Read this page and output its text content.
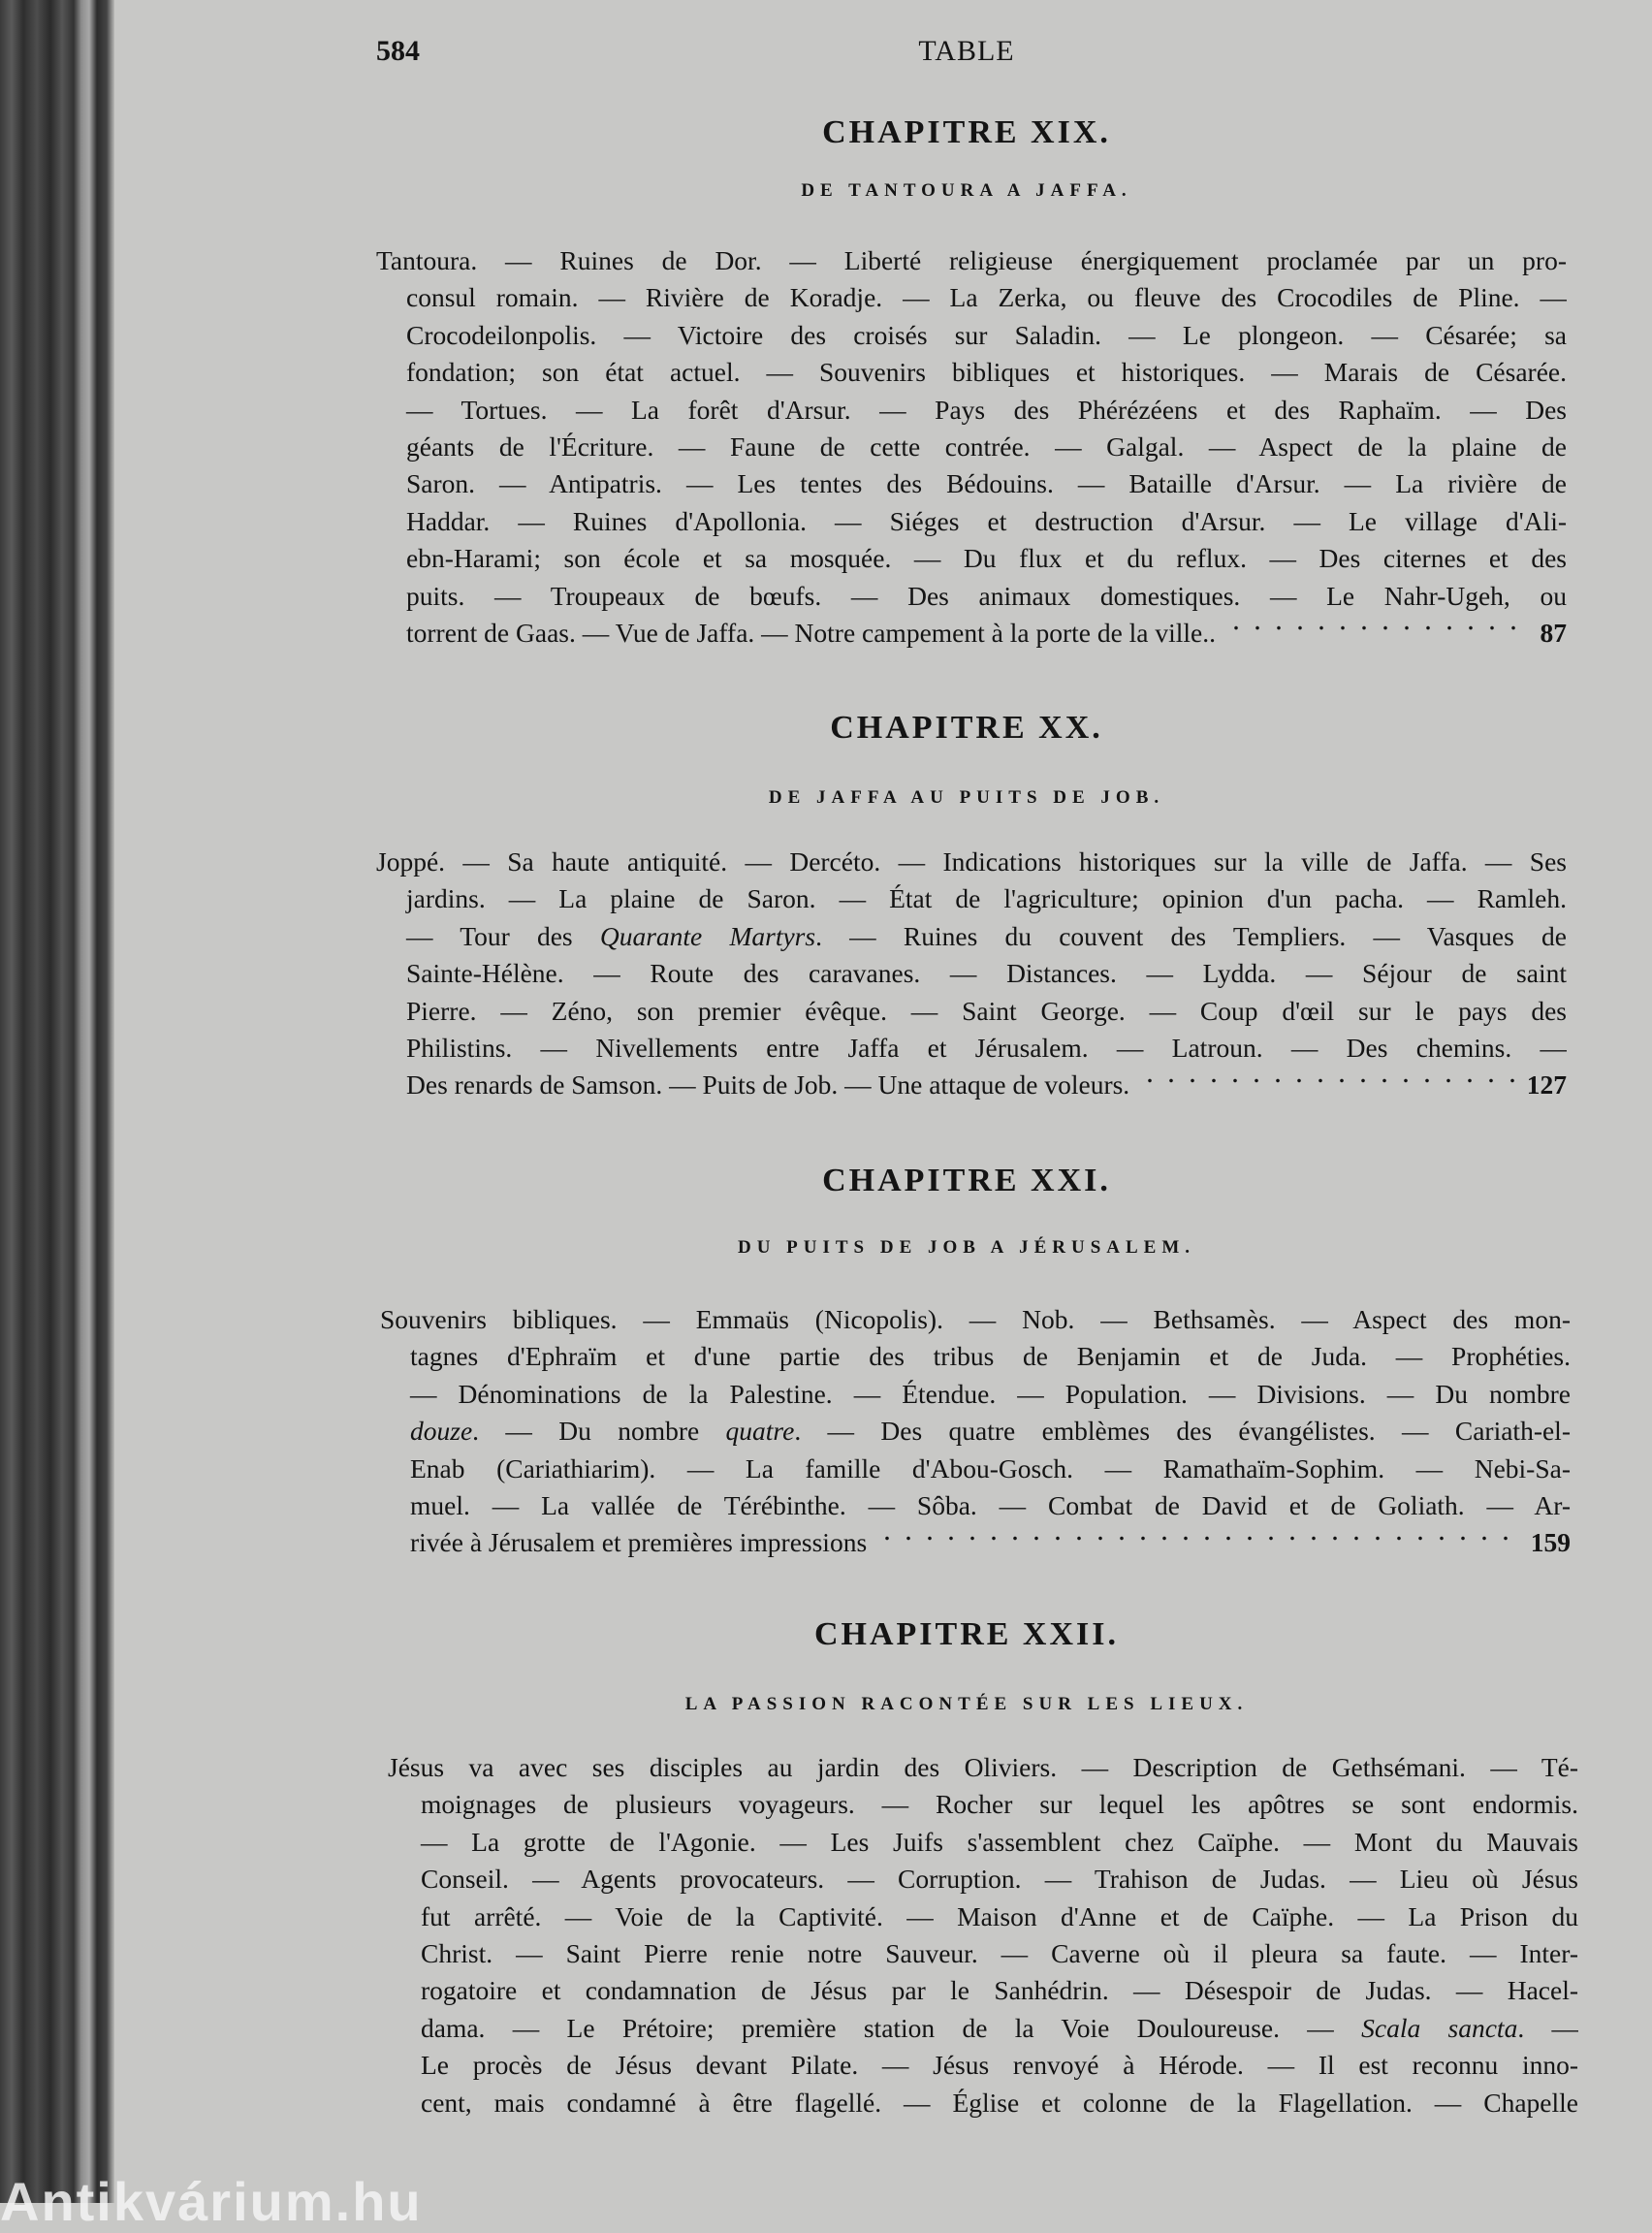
584	TABLE
CHAPITRE XIX.
DE TANTOURA A JAFFA.
Tantoura. — Ruines de Dor. — Liberté religieuse énergiquement proclamée par un pro-
consul romain. — Rivière de Koradje. — La Zerka, ou fleuve des Crocodiles de Pline. —
Crocodeilonpolis. — Victoire des croisés sur Saladin. — Le plongeon. — Césarée; sa
fondation; son état actuel. — Souvenirs bibliques et historiques. — Marais de Césarée.
— Tortues. — La forêt d'Arsur. — Pays des Phérézéens et des Raphaïm. — Des
géants de l'Écriture. — Faune de cette contrée. — Galgal. — Aspect de la plaine de
Saron. — Antipatris. — Les tentes des Bédouins. — Bataille d'Arsur. — La rivière de
Haddar. — Ruines d'Apollonia. — Siéges et destruction d'Arsur. — Le village d'Ali-
ebn-Harami; son école et sa mosquée. — Du flux et du reflux. — Des citernes et des
puits. — Troupeaux de bœufs. — Des animaux domestiques. — Le Nahr-Ugeh, ou
torrent de Gaas. — Vue de Jaffa. — Notre campement à la porte de la ville..	87
CHAPITRE XX.
DE JAFFA AU PUITS DE JOB.
Joppé. — Sa haute antiquité. — Dercéto. — Indications historiques sur la ville de Jaffa. — Ses
jardins. — La plaine de Saron. — État de l'agriculture; opinion d'un pacha. — Ramleh.
— Tour des Quarante Martyrs. — Ruines du couvent des Templiers. — Vasques de
Sainte-Hélène. — Route des caravanes. — Distances. — Lydda. — Séjour de saint
Pierre. — Zéno, son premier évêque. — Saint George. — Coup d'œil sur le pays des
Philistins. — Nivellements entre Jaffa et Jérusalem. — Latroun. — Des chemins. —
Des renards de Samson. — Puits de Job. — Une attaque de voleurs.	127
CHAPITRE XXI.
DU PUITS DE JOB A JÉRUSALEM.
Souvenirs bibliques. — Emmaüs (Nicopolis). — Nob. — Bethsamès. — Aspect des mon-
tagnes d'Ephraïm et d'une partie des tribus de Benjamin et de Juda. — Prophéties.
— Dénominations de la Palestine. — Étendue. — Population. — Divisions. — Du nombre
douze. — Du nombre quatre. — Des quatre emblèmes des évangélistes. — Cariath-el-
Enab (Cariathiarim). — La famille d'Abou-Gosch. — Ramathaïm-Sophim. — Nebi-Sa-
muel. — La vallée de Térébinthe. — Sôba. — Combat de David et de Goliath. — Ar-
rivée à Jérusalem et premières impressions	159
CHAPITRE XXII.
LA PASSION RACONTÉE SUR LES LIEUX.
Jésus va avec ses disciples au jardin des Oliviers. — Description de Gethsémani. — Té-
moignages de plusieurs voyageurs. — Rocher sur lequel les apôtres se sont endormis.
— La grotte de l'Agonie. — Les Juifs s'assemblent chez Caïphe. — Mont du Mauvais
Conseil. — Agents provocateurs. — Corruption. — Trahison de Judas. — Lieu où Jésus
fut arrêté. — Voie de la Captivité. — Maison d'Anne et de Caïphe. — La Prison du
Christ. — Saint Pierre renie notre Sauveur. — Caverne où il pleura sa faute. — Inter-
rogatoire et condamnation de Jésus par le Sanhédrin. — Désespoir de Judas. — Hacel-
dama. — Le Prétoire; première station de la Voie Douloureuse. — Scala sancta. —
Le procès de Jésus devant Pilate. — Jésus renvoyé à Hérode. — Il est reconnu inno-
cent, mais condamné à être flagellé. — Église et colonne de la Flagellation. — Chapelle
Antikvárium.hu
